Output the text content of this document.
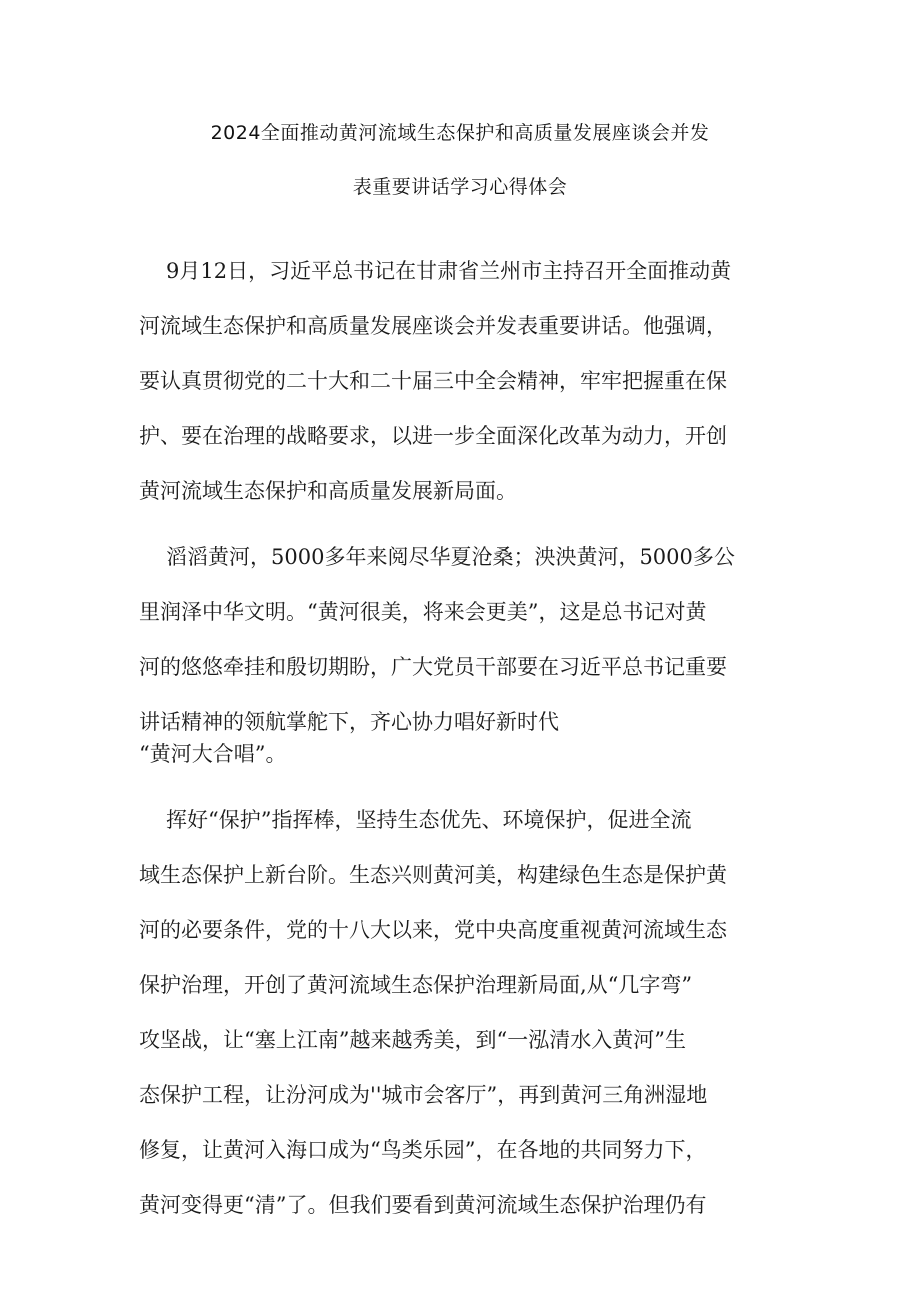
2024全面推动黄河流域生态保护和高质量发展座谈会并发
表重要讲话学习心得体会
9月12日，习近平总书记在甘肃省兰州市主持召开全面推动黄
河流域生态保护和高质量发展座谈会并发表重要讲话。他强调，
要认真贯彻党的二十大和二十届三中全会精神，牢牢把握重在保
护、要在治理的战略要求，以进一步全面深化改革为动力，开创
黄河流域生态保护和高质量发展新局面。
滔滔黄河，5000多年来阅尽华夏沧桑；泱泱黄河，5000多公
里润泽中华文明。“黄河很美，将来会更美”，这是总书记对黄
河的悠悠牵挂和殷切期盼，广大党员干部要在习近平总书记重要
讲话精神的领航掌舵下，齐心协力唱好新时代
“黄河大合唱”。
挥好“保护”指挥棒，坚持生态优先、环境保护，促进全流
域生态保护上新台阶。生态兴则黄河美，构建绿色生态是保护黄
河的必要条件，党的十八大以来，党中央高度重视黄河流域生态
保护治理，开创了黄河流域生态保护治理新局面,从“几字弯”
攻坚战，让“塞上江南”越来越秀美，到“一泓清水入黄河”生
态保护工程，让汾河成为''城市会客厅”，再到黄河三角洲湿地
修复，让黄河入海口成为“鸟类乐园”，在各地的共同努力下，
黄河变得更“清”了。但我们要看到黄河流域生态保护治理仍有
